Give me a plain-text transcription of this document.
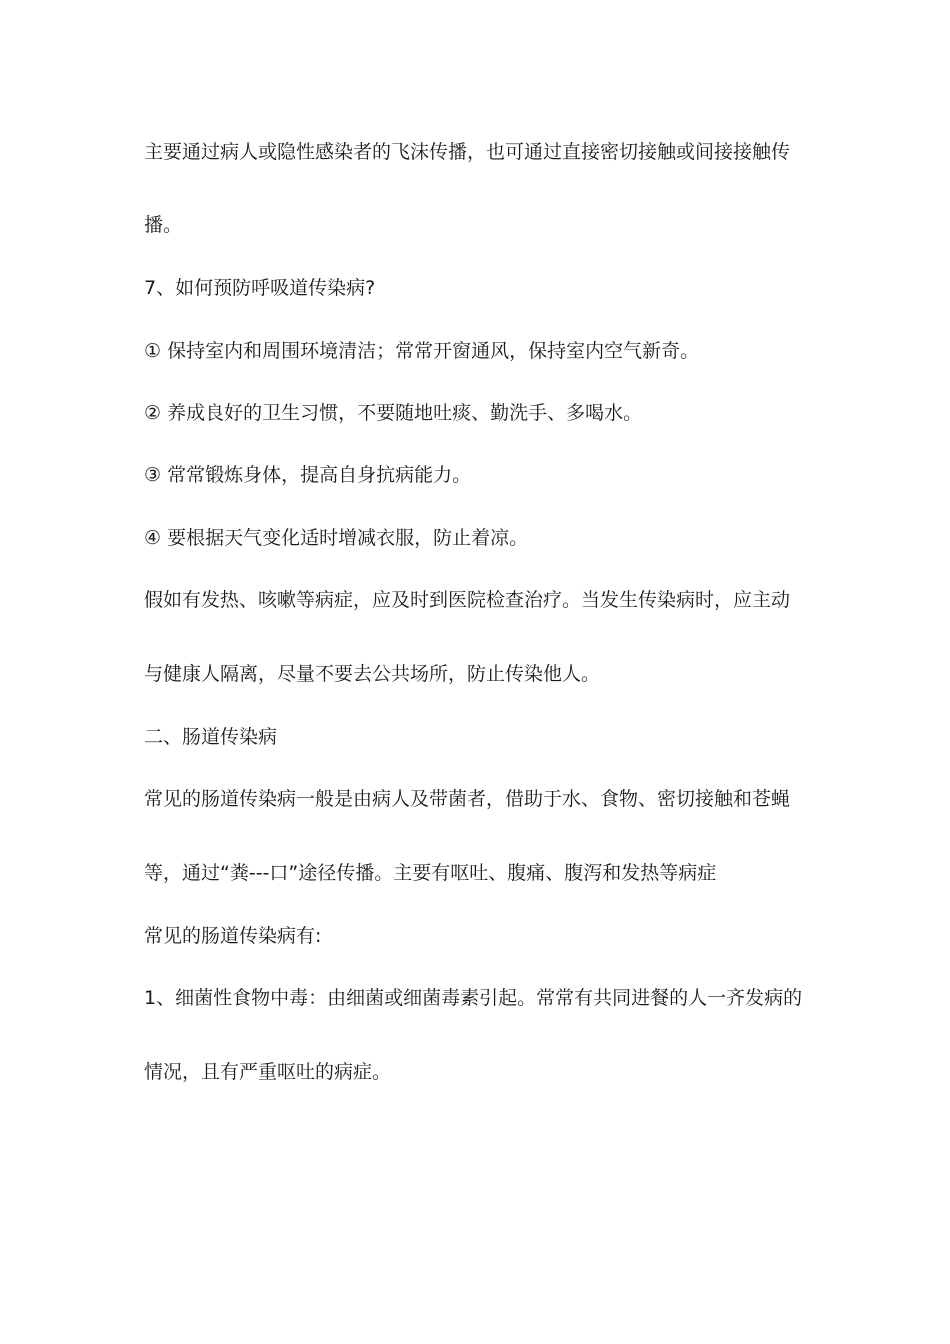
主要通过病人或隐性感染者的飞沫传播，也可通过直接密切接触或间接接触传
播。
7、如何预防呼吸道传染病?
① 保持室内和周围环境清洁；常常开窗通风，保持室内空气新奇。
② 养成良好的卫生习惯，不要随地吐痰、勤洗手、多喝水。
③ 常常锻炼身体，提高自身抗病能力。
④ 要根据天气变化适时增减衣服，防止着凉。
假如有发热、咳嗽等病症，应及时到医院检查治疗。当发生传染病时，应主动
与健康人隔离，尽量不要去公共场所，防止传染他人。
二、肠道传染病
常见的肠道传染病一般是由病人及带菌者，借助于水、食物、密切接触和苍蝇
等，通过“粪---口”途径传播。主要有呕吐、腹痛、腹泻和发热等病症
常见的肠道传染病有:
1、细菌性食物中毒：由细菌或细菌毒素引起。常常有共同进餐的人一齐发病的
情况，且有严重呕吐的病症。
